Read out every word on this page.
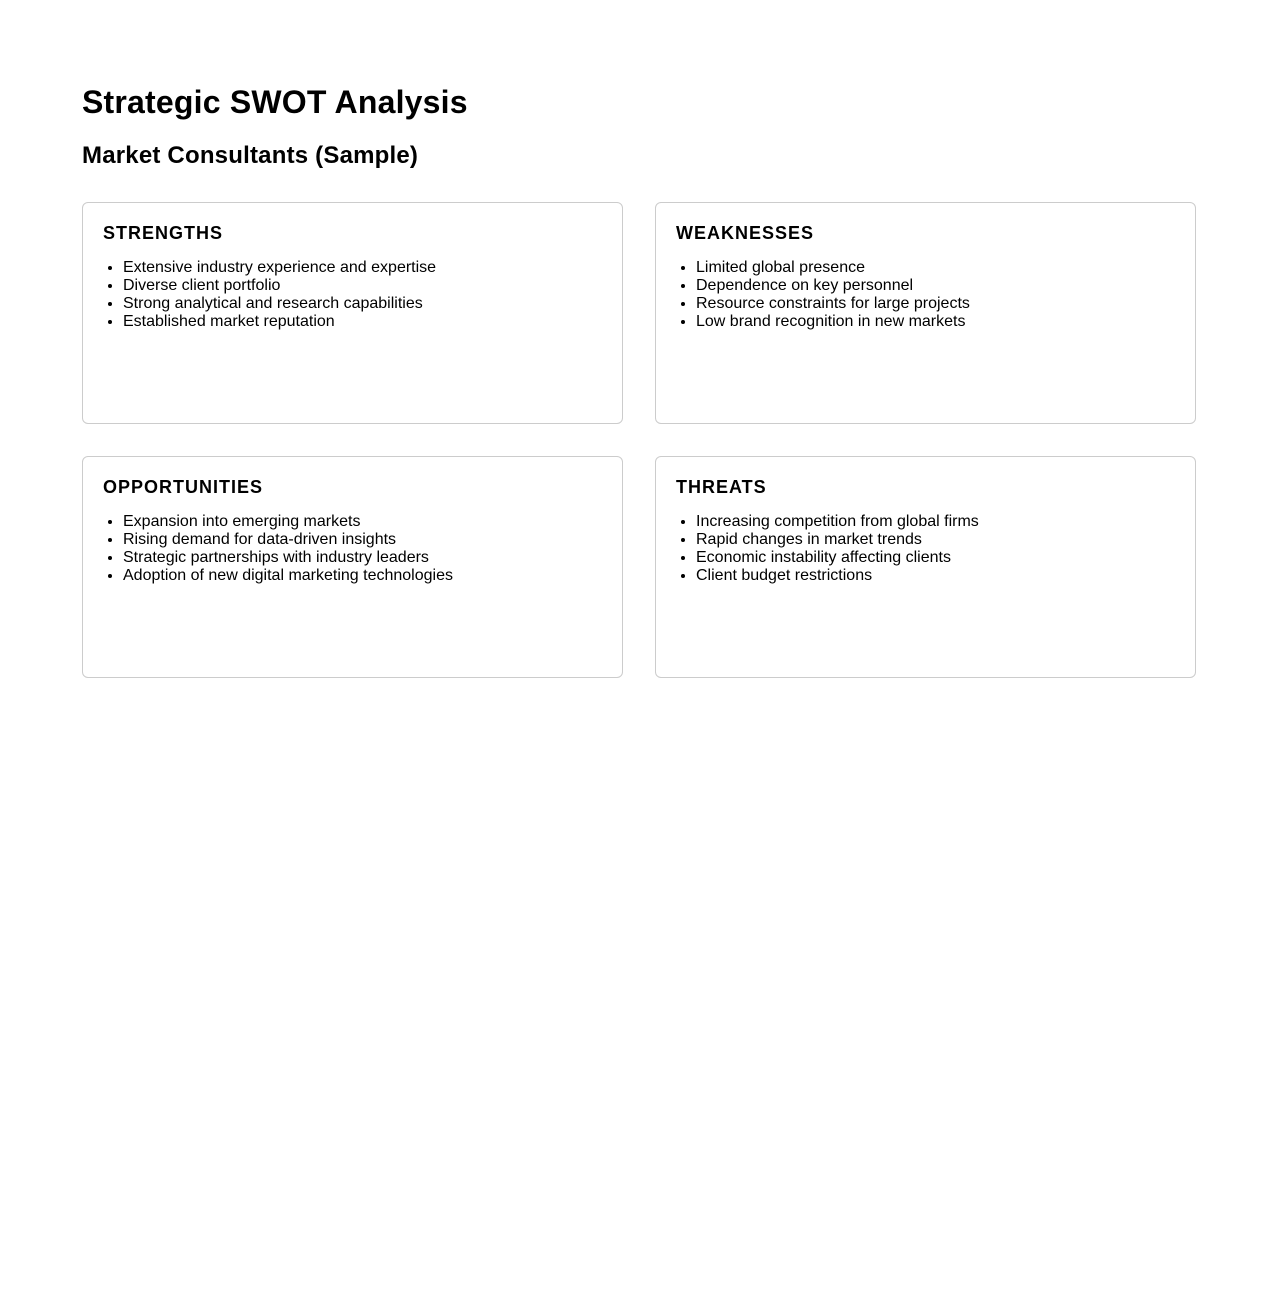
Strategic SWOT Analysis
Market Consultants (Sample)
STRENGTHS
• Extensive industry experience and expertise
• Diverse client portfolio
• Strong analytical and research capabilities
• Established market reputation
WEAKNESSES
• Limited global presence
• Dependence on key personnel
• Resource constraints for large projects
• Low brand recognition in new markets
OPPORTUNITIES
• Expansion into emerging markets
• Rising demand for data-driven insights
• Strategic partnerships with industry leaders
• Adoption of new digital marketing technologies
THREATS
• Increasing competition from global firms
• Rapid changes in market trends
• Economic instability affecting clients
• Client budget restrictions
